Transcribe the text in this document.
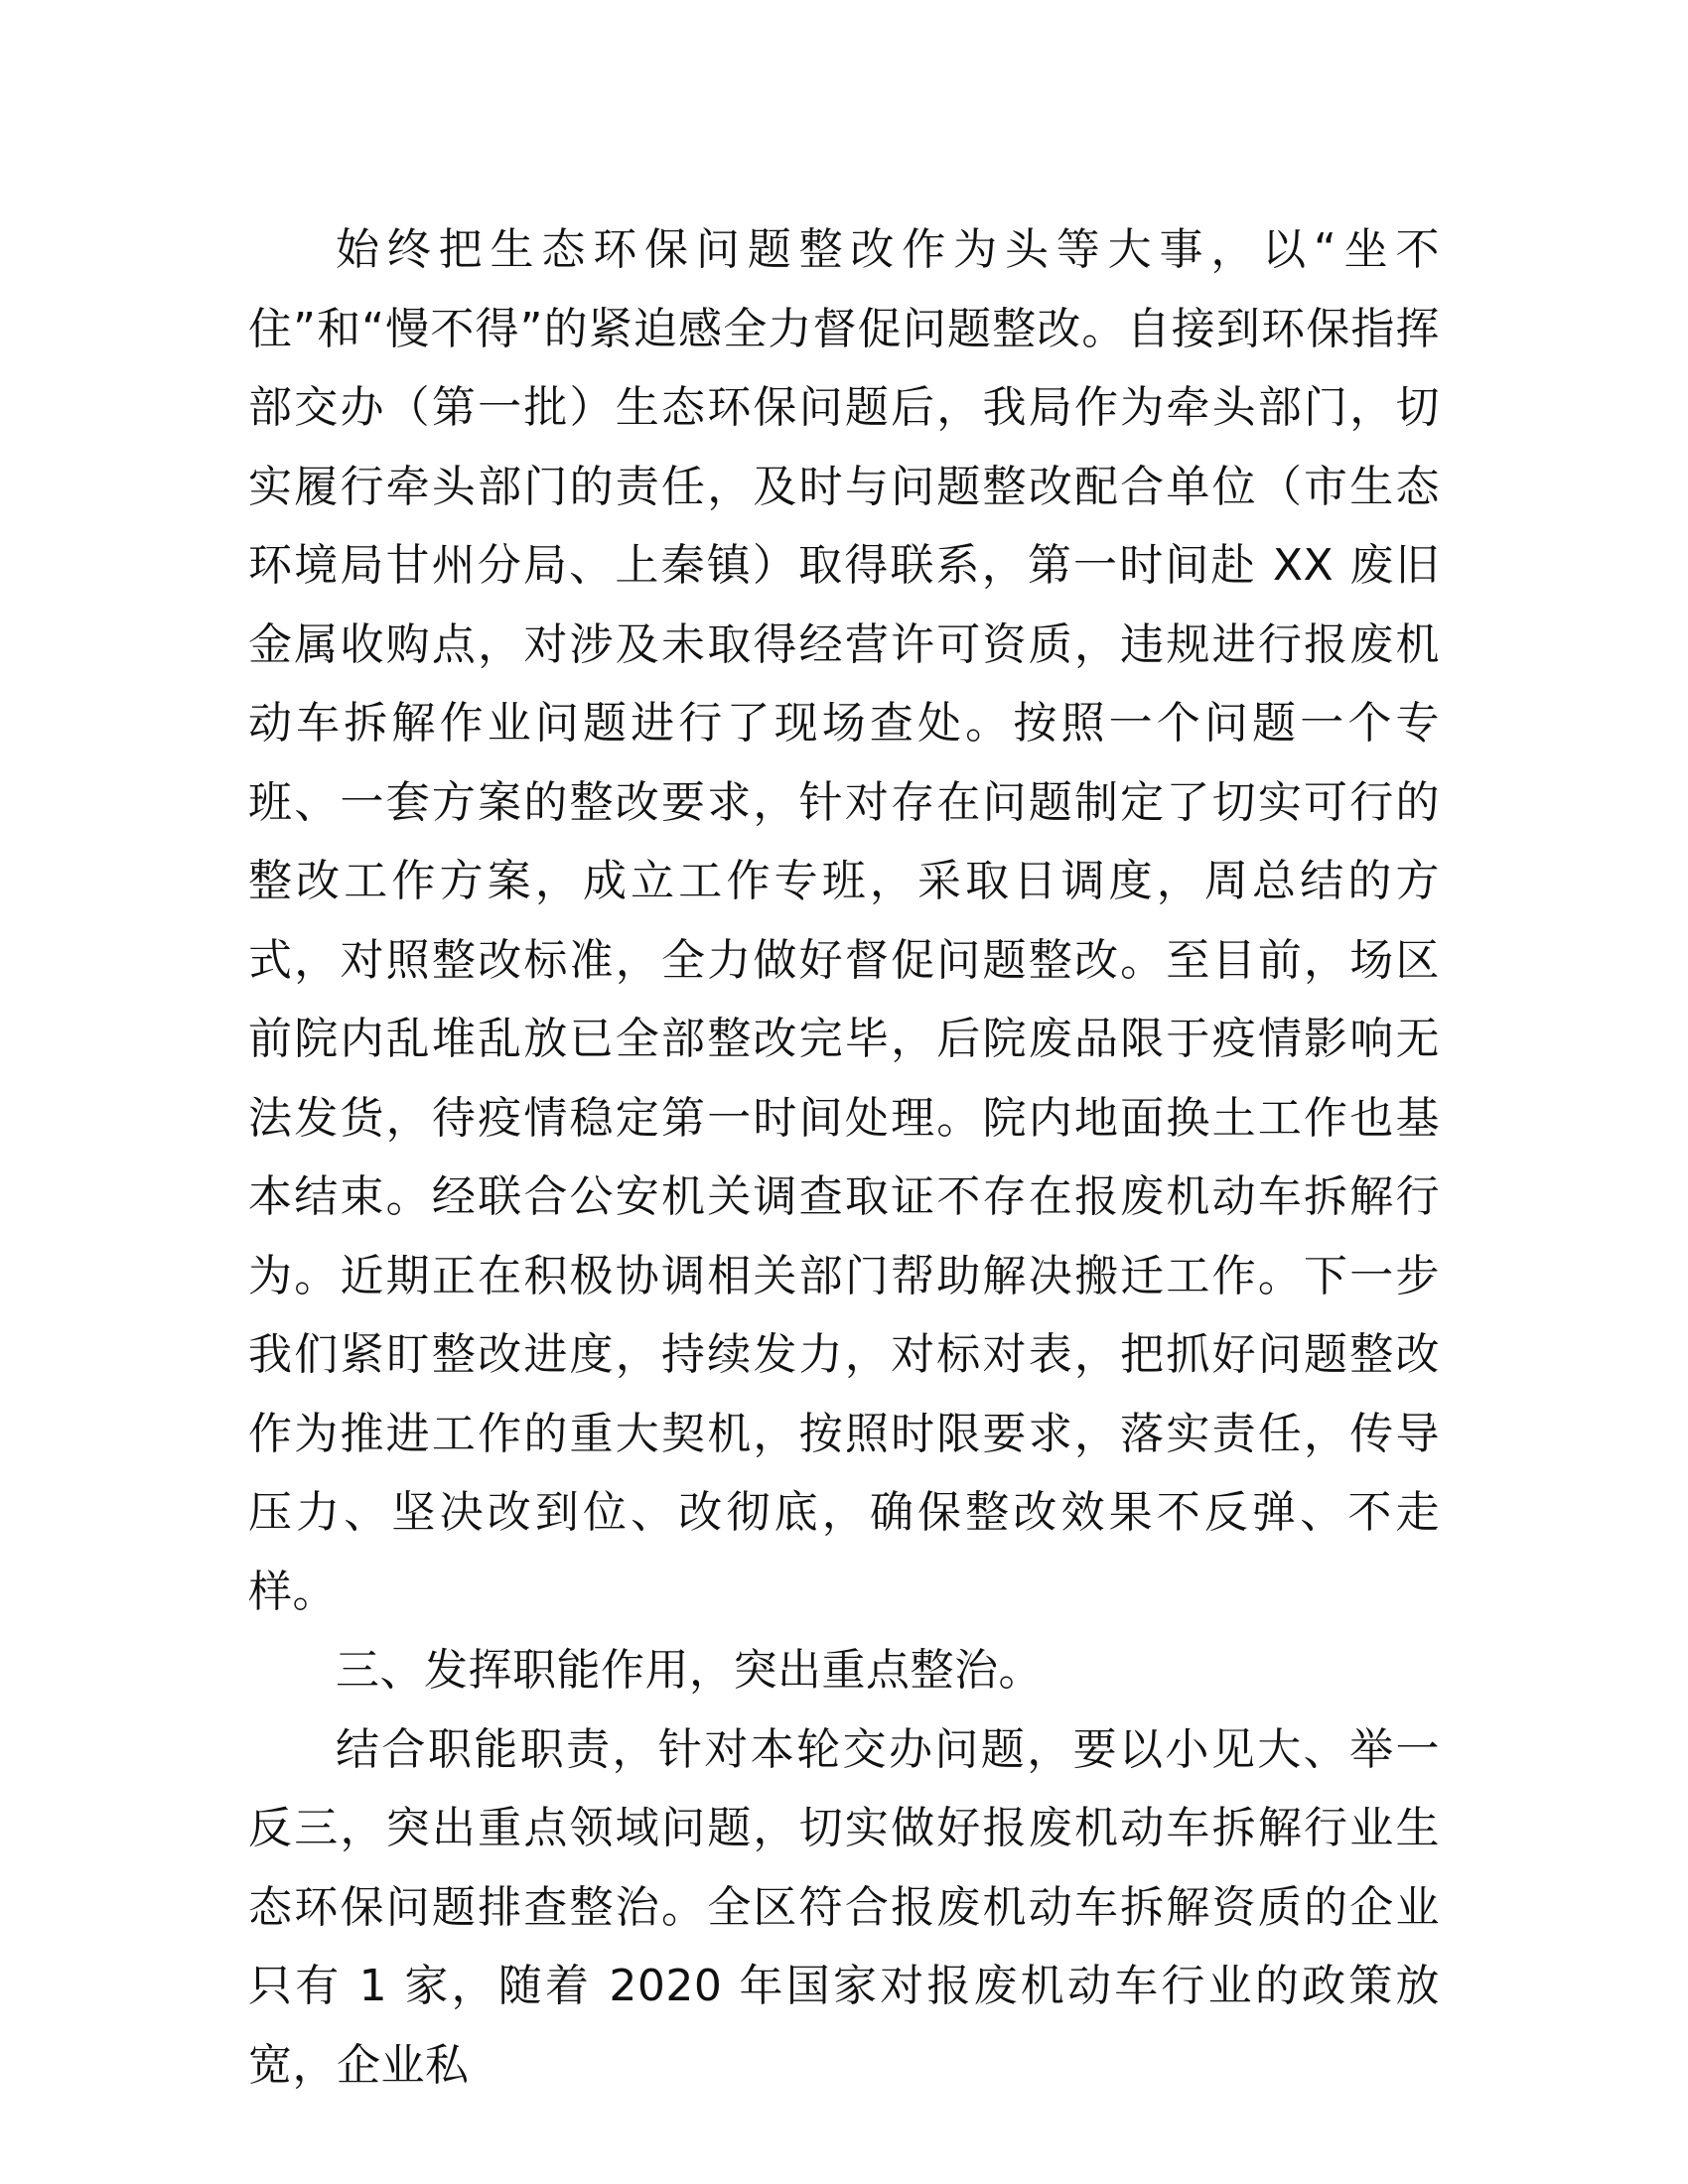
始终把生态环保问题整改作为头等大事，以“坐不住”和“慢不得”的紧迫感全力督促问题整改。自接到环保指挥部交办（第一批）生态环保问题后，我局作为牵头部门，切实履行牵头部门的责任，及时与问题整改配合单位（市生态环境局甘州分局、上秦镇）取得联系，第一时间赴 XX 废旧金属收购点，对涉及未取得经营许可资质，违规进行报废机动车拆解作业问题进行了现场查处。按照一个问题一个专班、一套方案的整改要求，针对存在问题制定了切实可行的整改工作方案，成立工作专班，采取日调度，周总结的方式，对照整改标准，全力做好督促问题整改。至目前，场区前院内乱堆乱放已全部整改完毕，后院废品限于疫情影响无法发货，待疫情稳定第一时间处理。院内地面换土工作也基本结束。经联合公安机关调查取证不存在报废机动车拆解行为。近期正在积极协调相关部门帮助解决搬迁工作。下一步我们紧盯整改进度，持续发力，对标对表，把抓好问题整改作为推进工作的重大契机，按照时限要求，落实责任，传导压力、坚决改到位、改彻底，确保整改效果不反弹、不走样。

三、发挥职能作用，突出重点整治。

结合职能职责，针对本轮交办问题，要以小见大、举一反三，突出重点领域问题，切实做好报废机动车拆解行业生态环保问题排查整治。全区符合报废机动车拆解资质的企业只有 1 家，随着 2020 年国家对报废机动车行业的政策放宽，企业私
